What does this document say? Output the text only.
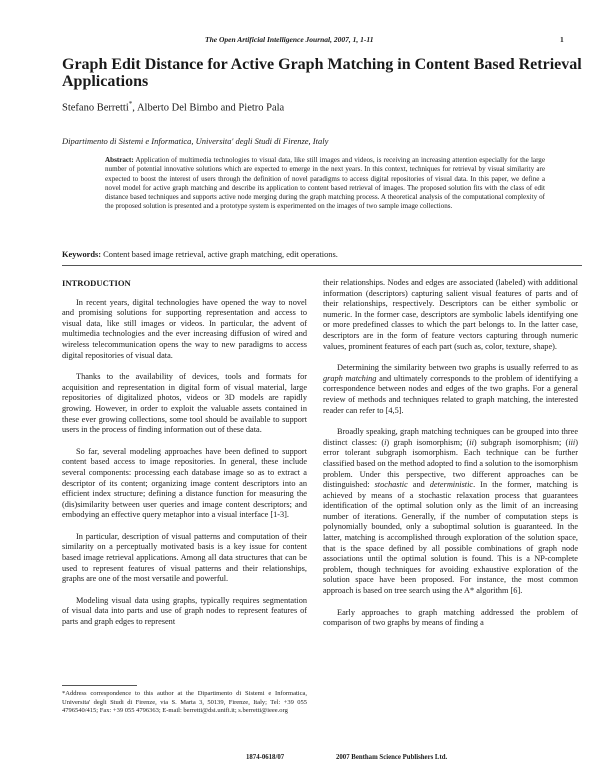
The Open Artificial Intelligence Journal, 2007, 1, 1-11	1
Graph Edit Distance for Active Graph Matching in Content Based Retrieval Applications
Stefano Berretti*, Alberto Del Bimbo and Pietro Pala
Dipartimento di Sistemi e Informatica, Universita' degli Studi di Firenze, Italy
Abstract: Application of multimedia technologies to visual data, like still images and videos, is receiving an increasing attention especially for the large number of potential innovative solutions which are expected to emerge in the next years. In this context, techniques for retrieval by visual similarity are expected to boost the interest of users through the definition of novel paradigms to access digital repositories of visual data. In this paper, we define a novel model for active graph matching and describe its application to content based retrieval of images. The proposed solution fits with the class of edit distance based techniques and supports active node merging during the graph matching process. A theoretical analysis of the computational complexity of the proposed solution is presented and a prototype system is experimented on the images of two sample image collections.
Keywords: Content based image retrieval, active graph matching, edit operations.
INTRODUCTION

In recent years, digital technologies have opened the way to novel and promising solutions for supporting representation and access to visual data, like still images or videos. In particular, the advent of multimedia technologies and the ever increasing diffusion of wired and wireless telecommunication opens the way to new paradigms to access digital repositories of visual data.

Thanks to the availability of devices, tools and formats for acquisition and representation in digital form of visual material, large repositories of digitalized photos, videos or 3D models are rapidly growing. However, in order to exploit the valuable assets contained in these ever growing collections, some tool should be available to support users in the process of finding information out of these data.

So far, several modeling approaches have been defined to support content based access to image repositories. In general, these include several components: processing each database image so as to extract a descriptor of its content; organizing image content descriptors into an efficient index structure; defining a distance function for measuring the (dis)similarity between user queries and image content descriptors; and embodying an effective query metaphor into a visual interface [1-3].

In particular, description of visual patterns and computation of their similarity on a perceptually motivated basis is a key issue for content based image retrieval applications. Among all data structures that can be used to represent features of visual patterns and their relationships, graphs are one of the most versatile and powerful.

Modeling visual data using graphs, typically requires segmentation of visual data into parts and use of graph nodes to represent features of parts and graph edges to represent

their relationships. Nodes and edges are associated (labeled) with additional information (descriptors) capturing salient visual features of parts and of their relationships, respectively. Descriptors can be either symbolic or numeric. In the former case, descriptors are symbolic labels identifying one or more predefined classes to which the part belongs to. In the latter case, descriptors are in the form of feature vectors capturing through numeric values, prominent features of each part (such as, color, texture, shape).

Determining the similarity between two graphs is usually referred to as graph matching and ultimately corresponds to the problem of identifying a correspondence between nodes and edges of the two graphs. For a general review of methods and techniques related to graph matching, the interested reader can refer to [4,5].

Broadly speaking, graph matching techniques can be grouped into three distinct classes: (i) graph isomorphism; (ii) subgraph isomorphism; (iii) error tolerant subgraph isomorphism. Each technique can be further classified based on the method adopted to find a solution to the isomorphism problem. Under this perspective, two different approaches can be distinguished: stochastic and deterministic. In the former, matching is achieved by means of a stochastic relaxation process that guarantees identification of the optimal solution only as the limit of an increasing number of iterations. Generally, if the number of computation steps is polynomially bounded, only a suboptimal solution is guaranteed. In the latter, matching is accomplished through exploration of the solution space, that is the space defined by all possible combinations of graph node associations until the optimal solution is found. This is a NP-complete problem, though techniques for avoiding exhaustive exploration of the solution space have been proposed. For instance, the most common approach is based on tree search using the A* algorithm [6].

Early approaches to graph matching addressed the problem of comparison of two graphs by means of finding a

*Address correspondence to this author at the Dipartimento di Sistemi e Informatica, Universita' degli Studi di Firenze, via S. Marta 3, 50139, Firenze, Italy; Tel: +39 055 4796540/415; Fax: +39 055 4796363; E-mail: berretti@dsi.unifi.it; s.berretti@ieee.org
1874-0618/07	2007 Bentham Science Publishers Ltd.
